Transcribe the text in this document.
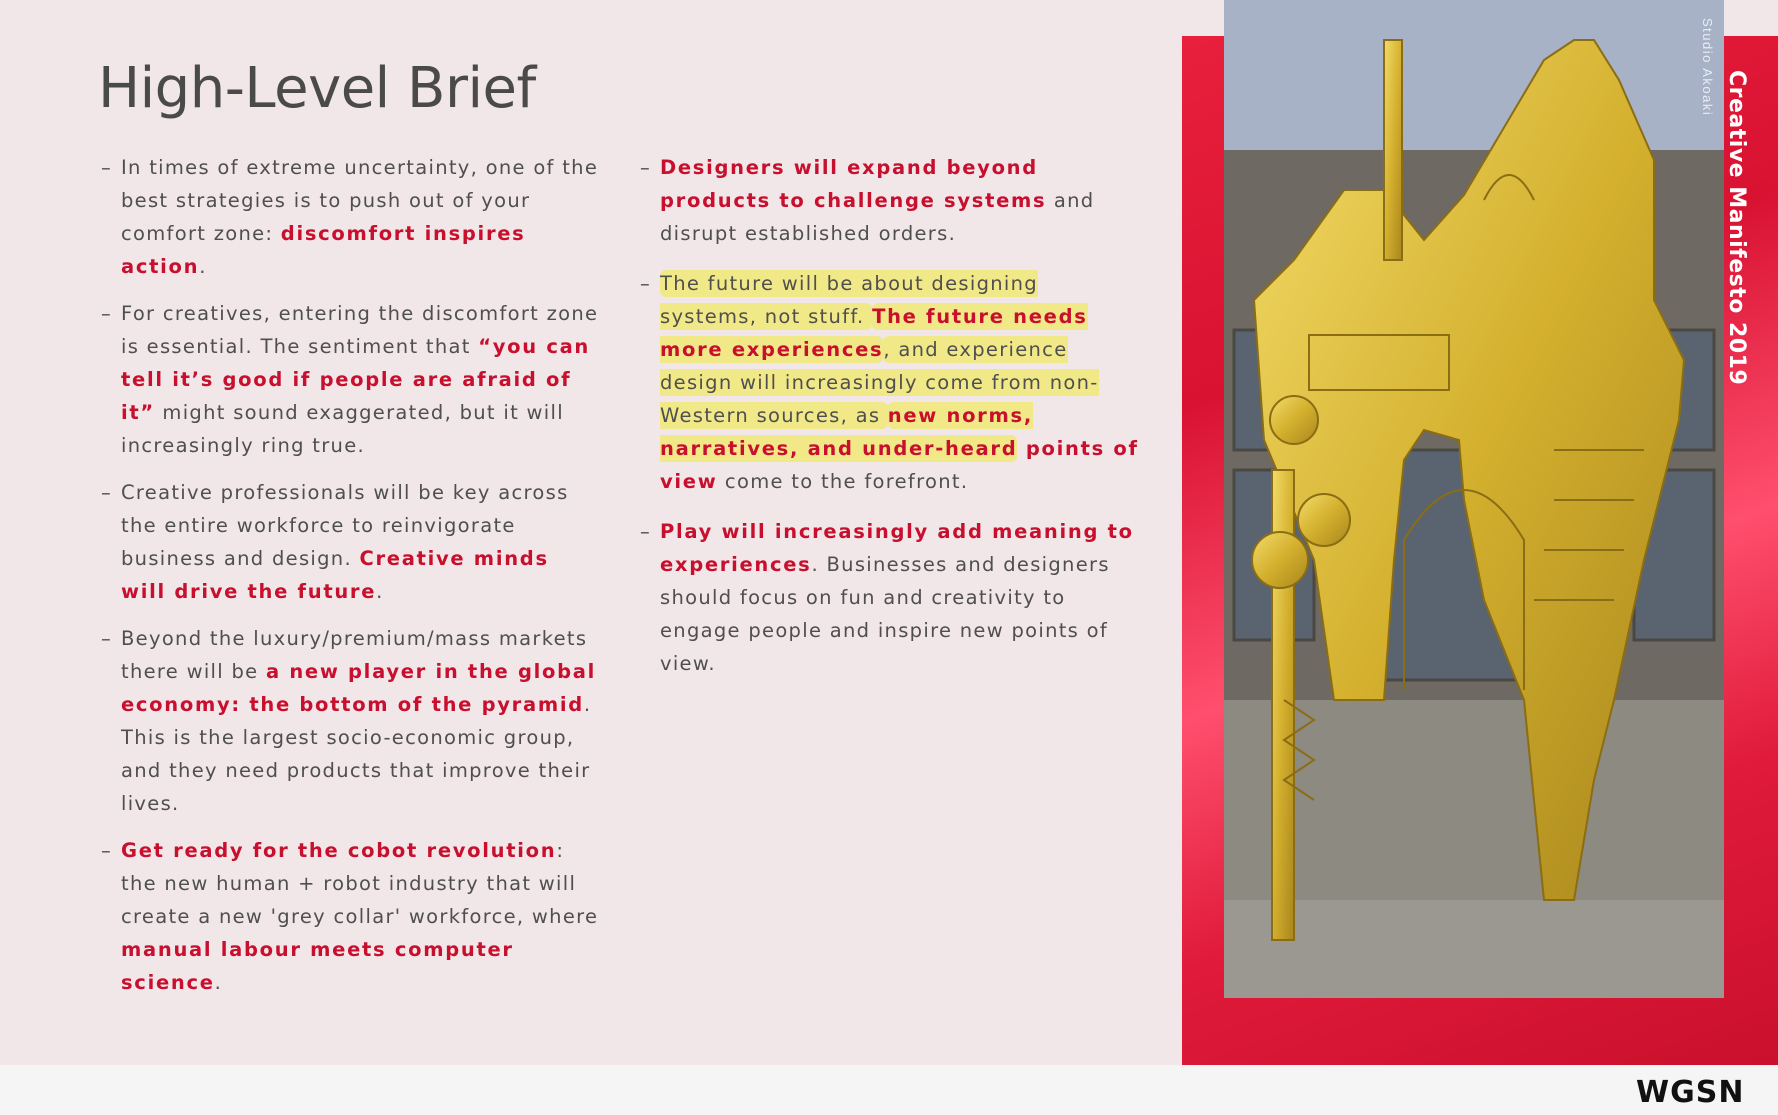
High-Level Brief
– In times of extreme uncertainty, one of the best strategies is to push out of your comfort zone: discomfort inspires action.
– For creatives, entering the discomfort zone is essential. The sentiment that “you can tell it’s good if people are afraid of it” might sound exaggerated, but it will increasingly ring true.
– Creative professionals will be key across the entire workforce to reinvigorate business and design. Creative minds will drive the future.
– Beyond the luxury/premium/mass markets there will be a new player in the global economy: the bottom of the pyramid. This is the largest socio-economic group, and they need products that improve their lives.
– Get ready for the cobot revolution: the new human + robot industry that will create a new 'grey collar' workforce, where manual labour meets computer science.
– Designers will expand beyond products to challenge systems and disrupt established orders.
– The future will be about designing systems, not stuff. The future needs more experiences, and experience design will increasingly come from non-Western sources, as new norms, narratives, and under-heard points of view come to the forefront.
– Play will increasingly add meaning to experiences. Businesses and designers should focus on fun and creativity to engage people and inspire new points of view.
Studio Akoaki
Creative Manifesto 2019
WGSN
